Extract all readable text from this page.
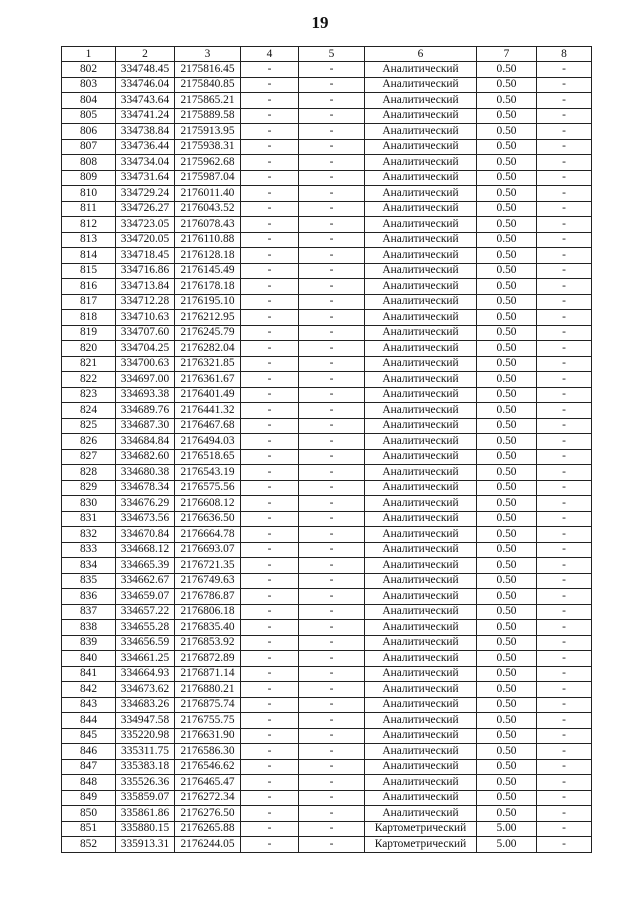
19
1	2	3	4	5	6	7	8
802	334748.45	2175816.45	-	-	Аналитический	0.50	-
803	334746.04	2175840.85	-	-	Аналитический	0.50	-
804	334743.64	2175865.21	-	-	Аналитический	0.50	-
805	334741.24	2175889.58	-	-	Аналитический	0.50	-
806	334738.84	2175913.95	-	-	Аналитический	0.50	-
807	334736.44	2175938.31	-	-	Аналитический	0.50	-
808	334734.04	2175962.68	-	-	Аналитический	0.50	-
809	334731.64	2175987.04	-	-	Аналитический	0.50	-
810	334729.24	2176011.40	-	-	Аналитический	0.50	-
811	334726.27	2176043.52	-	-	Аналитический	0.50	-
812	334723.05	2176078.43	-	-	Аналитический	0.50	-
813	334720.05	2176110.88	-	-	Аналитический	0.50	-
814	334718.45	2176128.18	-	-	Аналитический	0.50	-
815	334716.86	2176145.49	-	-	Аналитический	0.50	-
816	334713.84	2176178.18	-	-	Аналитический	0.50	-
817	334712.28	2176195.10	-	-	Аналитический	0.50	-
818	334710.63	2176212.95	-	-	Аналитический	0.50	-
819	334707.60	2176245.79	-	-	Аналитический	0.50	-
820	334704.25	2176282.04	-	-	Аналитический	0.50	-
821	334700.63	2176321.85	-	-	Аналитический	0.50	-
822	334697.00	2176361.67	-	-	Аналитический	0.50	-
823	334693.38	2176401.49	-	-	Аналитический	0.50	-
824	334689.76	2176441.32	-	-	Аналитический	0.50	-
825	334687.30	2176467.68	-	-	Аналитический	0.50	-
826	334684.84	2176494.03	-	-	Аналитический	0.50	-
827	334682.60	2176518.65	-	-	Аналитический	0.50	-
828	334680.38	2176543.19	-	-	Аналитический	0.50	-
829	334678.34	2176575.56	-	-	Аналитический	0.50	-
830	334676.29	2176608.12	-	-	Аналитический	0.50	-
831	334673.56	2176636.50	-	-	Аналитический	0.50	-
832	334670.84	2176664.78	-	-	Аналитический	0.50	-
833	334668.12	2176693.07	-	-	Аналитический	0.50	-
834	334665.39	2176721.35	-	-	Аналитический	0.50	-
835	334662.67	2176749.63	-	-	Аналитический	0.50	-
836	334659.07	2176786.87	-	-	Аналитический	0.50	-
837	334657.22	2176806.18	-	-	Аналитический	0.50	-
838	334655.28	2176835.40	-	-	Аналитический	0.50	-
839	334656.59	2176853.92	-	-	Аналитический	0.50	-
840	334661.25	2176872.89	-	-	Аналитический	0.50	-
841	334664.93	2176871.14	-	-	Аналитический	0.50	-
842	334673.62	2176880.21	-	-	Аналитический	0.50	-
843	334683.26	2176875.74	-	-	Аналитический	0.50	-
844	334947.58	2176755.75	-	-	Аналитический	0.50	-
845	335220.98	2176631.90	-	-	Аналитический	0.50	-
846	335311.75	2176586.30	-	-	Аналитический	0.50	-
847	335383.18	2176546.62	-	-	Аналитический	0.50	-
848	335526.36	2176465.47	-	-	Аналитический	0.50	-
849	335859.07	2176272.34	-	-	Аналитический	0.50	-
850	335861.86	2176276.50	-	-	Аналитический	0.50	-
851	335880.15	2176265.88	-	-	Картометрический	5.00	-
852	335913.31	2176244.05	-	-	Картометрический	5.00	-
